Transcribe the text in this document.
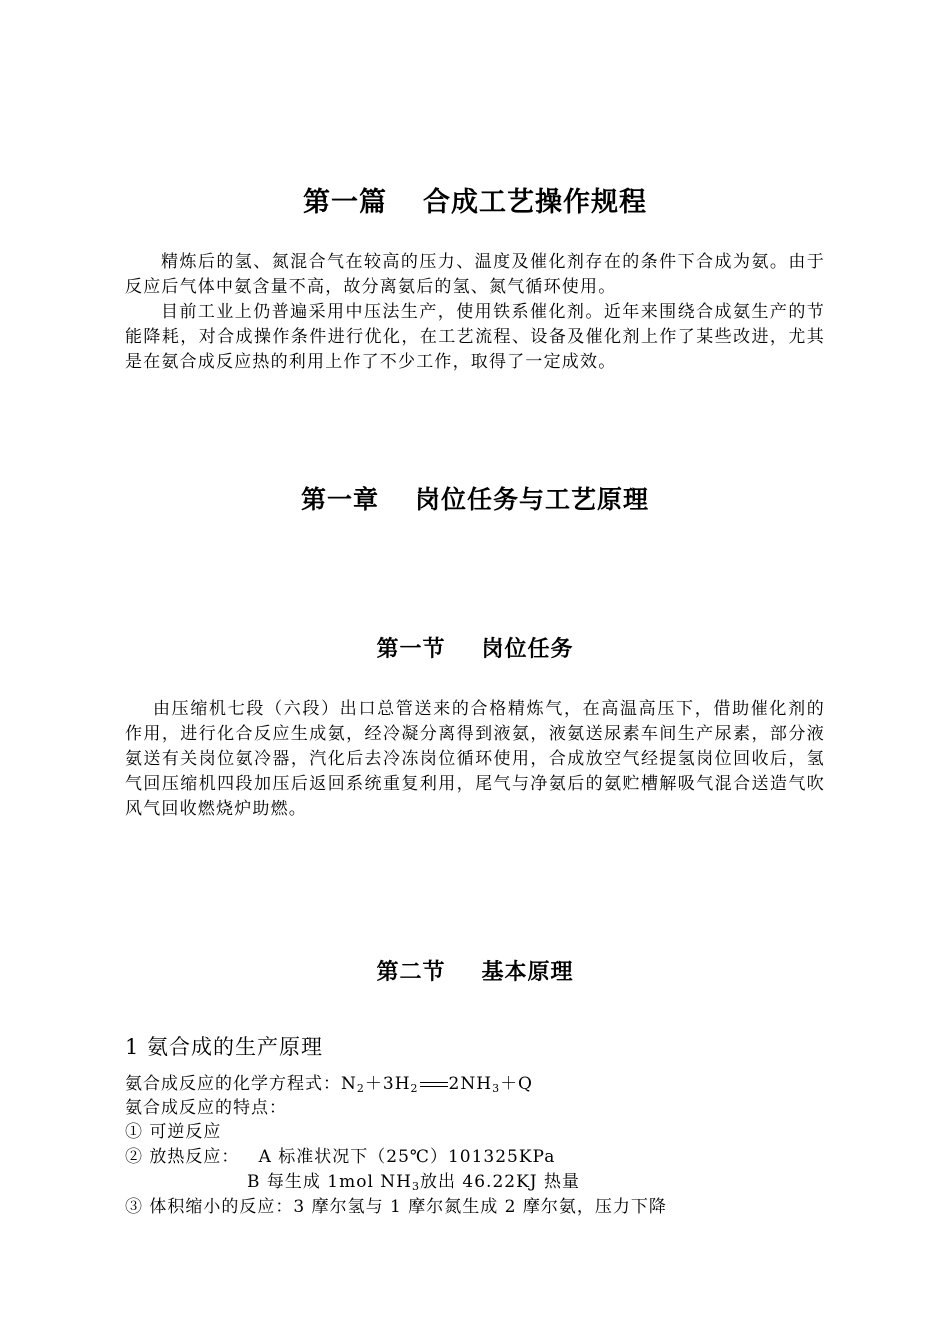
第一篇 合成工艺操作规程

精炼后的氢、氮混合气在较高的压力、温度及催化剂存在的条件下合成为氨。由于反应后气体中氨含量不高，故分离氨后的氢、氮气循环使用。

目前工业上仍普遍采用中压法生产，使用铁系催化剂。近年来围绕合成氨生产的节能降耗，对合成操作条件进行优化，在工艺流程、设备及催化剂上作了某些改进，尤其是在氨合成反应热的利用上作了不少工作，取得了一定成效。

第一章 岗位任务与工艺原理
第一节 岗位任务

由压缩机七段（六段）出口总管送来的合格精炼气，在高温高压下，借助催化剂的作用，进行化合反应生成氨，经冷凝分离得到液氨，液氨送尿素车间生产尿素，部分液氨送有关岗位氨冷器，汽化后去冷冻岗位循环使用，合成放空气经提氢岗位回收后，氢气回压缩机四段加压后返回系统重复利用，尾气与净氨后的氨贮槽解吸气混合送造气吹风气回收燃烧炉助燃。

第二节 基本原理
1 氨合成的生产原理
氨合成反应的化学方程式：N2＋3H2 2NH3＋Q
氨合成反应的特点：
① 可逆反应
② 放热反应： A 标准状况下（25℃）101325KPa
B 每生成 1mol NH3放出 46.22KJ 热量
③ 体积缩小的反应：3 摩尔氢与 1 摩尔氮生成 2 摩尔氨，压力下降
